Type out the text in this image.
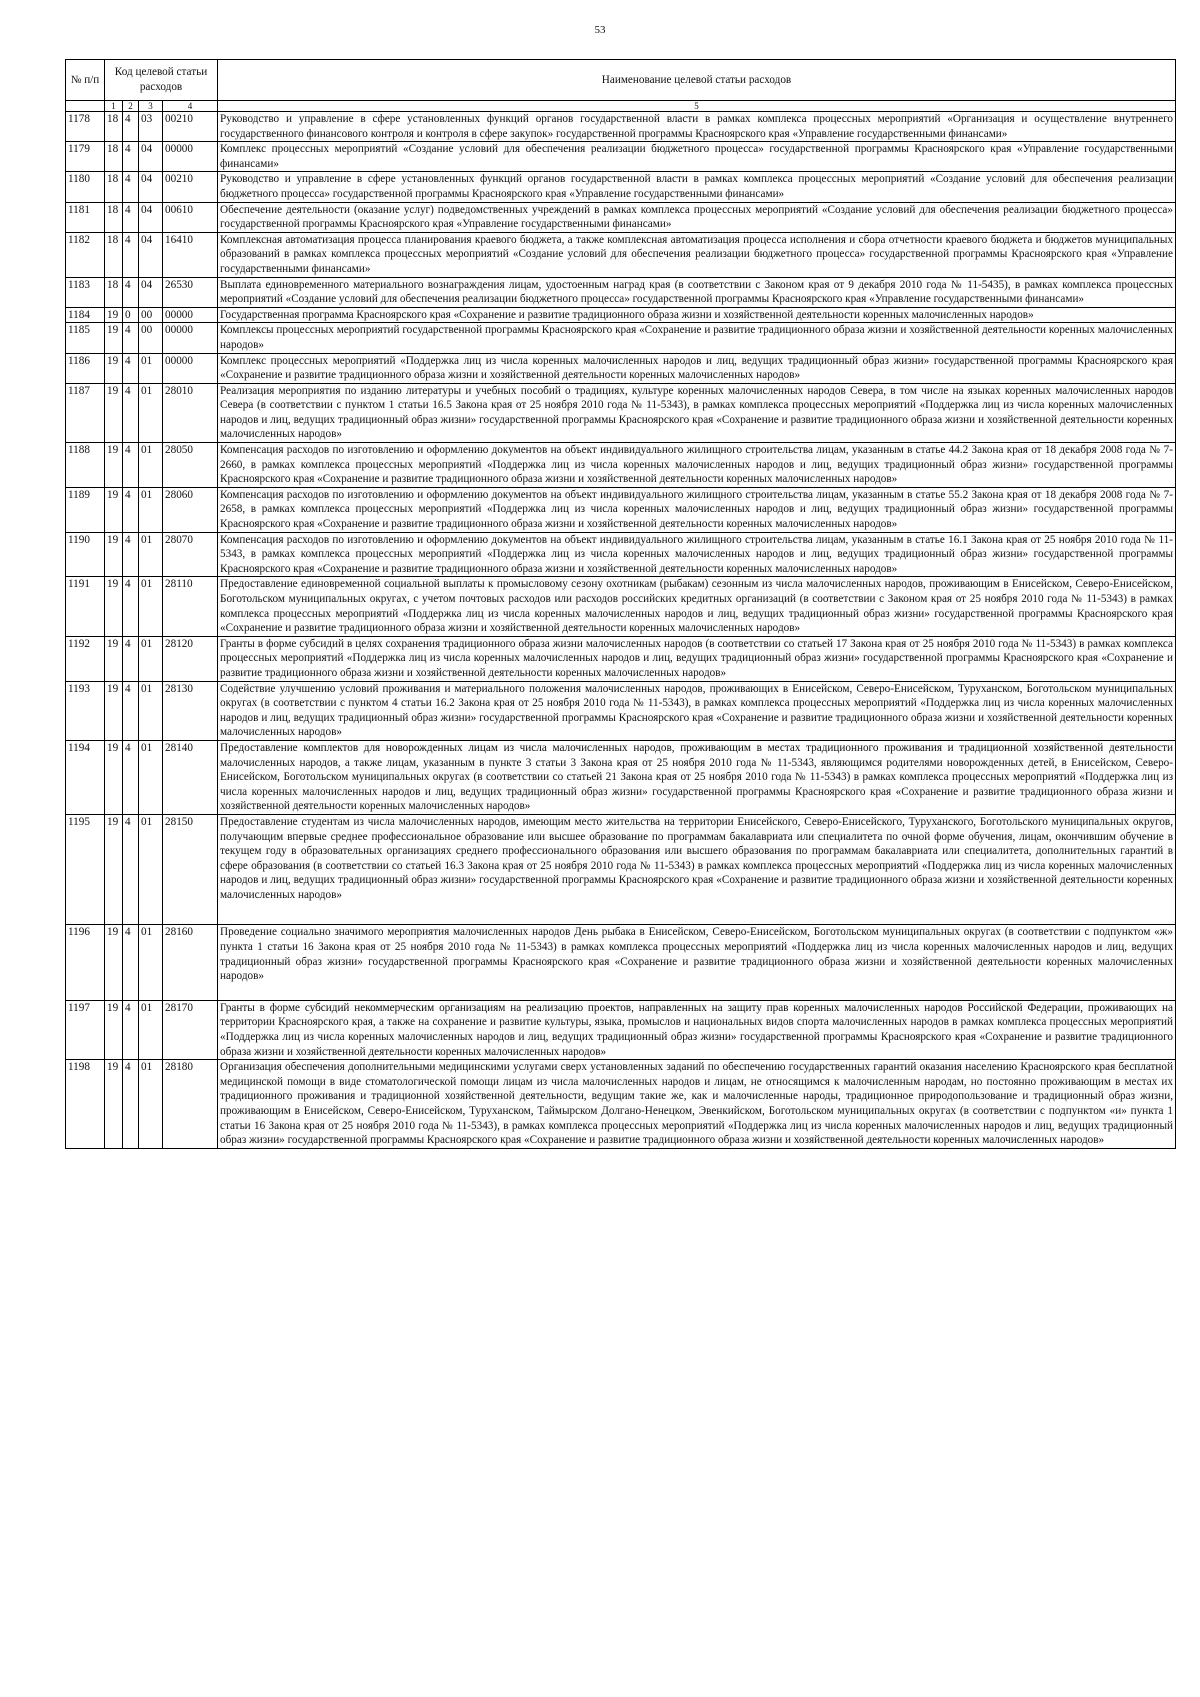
53
№ п/п	Код целевой статьи расходов				Наименование целевой статьи расходов

	1	2	3	4	5
1178	18	4	03	00210	Руководство и управление в сфере установленных функций органов государственной власти в рамках комплекса процессных мероприятий «Организация и осуществление внутреннего государственного финансового контроля и контроля в сфере закупок» государственной программы Красноярского края «Управление государственными финансами»
1179	18	4	04	00000	Комплекс процессных мероприятий «Создание условий для обеспечения реализации бюджетного процесса» государственной программы Красноярского края «Управление государственными финансами»
1180	18	4	04	00210	Руководство и управление в сфере установленных функций органов государственной власти в рамках комплекса процессных мероприятий «Создание условий для обеспечения реализации бюджетного процесса» государственной программы Красноярского края «Управление государственными финансами»
1181	18	4	04	00610	Обеспечение деятельности (оказание услуг) подведомственных учреждений в рамках комплекса процессных мероприятий «Создание условий для обеспечения реализации бюджетного процесса» государственной программы Красноярского края «Управление государственными финансами»
1182	18	4	04	16410	Комплексная автоматизация процесса планирования краевого бюджета, а также комплексная автоматизация процесса исполнения и сбора отчетности краевого бюджета и бюджетов муниципальных образований в рамках комплекса процессных мероприятий «Создание условий для обеспечения реализации бюджетного процесса» государственной программы Красноярского края «Управление государственными финансами»
1183	18	4	04	26530	Выплата единовременного материального вознаграждения лицам, удостоенным наград края (в соответствии с Законом края от 9 декабря 2010 года № 11-5435), в рамках комплекса процессных мероприятий «Создание условий для обеспечения реализации бюджетного процесса» государственной программы Красноярского края «Управление государственными финансами»
1184	19	0	00	00000	Государственная программа Красноярского края «Сохранение и развитие традиционного образа жизни и хозяйственной деятельности коренных малочисленных народов»
1185	19	4	00	00000	Комплексы процессных мероприятий государственной программы Красноярского края «Сохранение и развитие традиционного образа жизни и хозяйственной деятельности коренных малочисленных народов»
1186	19	4	01	00000	Комплекс процессных мероприятий «Поддержка лиц из числа коренных малочисленных народов и лиц, ведущих традиционный образ жизни» государственной программы Красноярского края «Сохранение и развитие традиционного образа жизни и хозяйственной деятельности коренных малочисленных народов»
1187	19	4	01	28010	Реализация мероприятия по изданию литературы и учебных пособий о традициях, культуре коренных малочисленных народов Севера, в том числе на языках коренных малочисленных народов Севера (в соответствии с пунктом 1 статьи 16.5 Закона края от 25 ноября 2010 года № 11-5343), в рамках комплекса процессных мероприятий «Поддержка лиц из числа коренных малочисленных народов и лиц, ведущих традиционный образ жизни» государственной программы Красноярского края «Сохранение и развитие традиционного образа жизни и хозяйственной деятельности коренных малочисленных народов»
1188	19	4	01	28050	Компенсация расходов по изготовлению и оформлению документов на объект индивидуального жилищного строительства лицам, указанным в статье 44.2 Закона края от 18 декабря 2008 года № 7-2660, в рамках комплекса процессных мероприятий «Поддержка лиц из числа коренных малочисленных народов и лиц, ведущих традиционный образ жизни» государственной программы Красноярского края «Сохранение и развитие традиционного образа жизни и хозяйственной деятельности коренных малочисленных народов»
1189	19	4	01	28060	Компенсация расходов по изготовлению и оформлению документов на объект индивидуального жилищного строительства лицам, указанным в статье 55.2 Закона края от 18 декабря 2008 года № 7-2658, в рамках комплекса процессных мероприятий «Поддержка лиц из числа коренных малочисленных народов и лиц, ведущих традиционный образ жизни» государственной программы Красноярского края «Сохранение и развитие традиционного образа жизни и хозяйственной деятельности коренных малочисленных народов»
1190	19	4	01	28070	Компенсация расходов по изготовлению и оформлению документов на объект индивидуального жилищного строительства лицам, указанным в статье 16.1 Закона края от 25 ноября 2010 года № 11-5343, в рамках комплекса процессных мероприятий «Поддержка лиц из числа коренных малочисленных народов и лиц, ведущих традиционный образ жизни» государственной программы Красноярского края «Сохранение и развитие традиционного образа жизни и хозяйственной деятельности коренных малочисленных народов»
1191	19	4	01	28110	Предоставление единовременной социальной выплаты к промысловому сезону охотникам (рыбакам) сезонным из числа малочисленных народов, проживающим в Енисейском, Северо-Енисейском, Боготольском муниципальных округах, с учетом почтовых расходов или расходов российских кредитных организаций (в соответствии с Законом края от 25 ноября 2010 года № 11-5343) в рамках комплекса процессных мероприятий «Поддержка лиц из числа коренных малочисленных народов и лиц, ведущих традиционный образ жизни» государственной программы Красноярского края «Сохранение и развитие традиционного образа жизни и хозяйственной деятельности коренных малочисленных народов»
1192	19	4	01	28120	Гранты в форме субсидий в целях сохранения традиционного образа жизни малочисленных народов (в соответствии со статьей 17 Закона края от 25 ноября 2010 года № 11-5343) в рамках комплекса процессных мероприятий «Поддержка лиц из числа коренных малочисленных народов и лиц, ведущих традиционный образ жизни» государственной программы Красноярского края «Сохранение и развитие традиционного образа жизни и хозяйственной деятельности коренных малочисленных народов»
1193	19	4	01	28130	Содействие улучшению условий проживания и материального положения малочисленных народов, проживающих в Енисейском, Северо-Енисейском, Туруханском, Боготольском муниципальных округах (в соответствии с пунктом 4 статьи 16.2 Закона края от 25 ноября 2010 года № 11-5343), в рамках комплекса процессных мероприятий «Поддержка лиц из числа коренных малочисленных народов и лиц, ведущих традиционный образ жизни» государственной программы Красноярского края «Сохранение и развитие традиционного образа жизни и хозяйственной деятельности коренных малочисленных народов»
1194	19	4	01	28140	Предоставление комплектов для новорожденных лицам из числа малочисленных народов, проживающим в местах традиционного проживания и традиционной хозяйственной деятельности малочисленных народов, а также лицам, указанным в пункте 3 статьи 3 Закона края от 25 ноября 2010 года № 11-5343, являющимся родителями новорожденных детей, в Енисейском, Северо-Енисейском, Боготольском муниципальных округах (в соответствии со статьей 21 Закона края от 25 ноября 2010 года № 11-5343) в рамках комплекса процессных мероприятий «Поддержка лиц из числа коренных малочисленных народов и лиц, ведущих традиционный образ жизни» государственной программы Красноярского края «Сохранение и развитие традиционного образа жизни и хозяйственной деятельности коренных малочисленных народов»
1195	19	4	01	28150	Предоставление студентам из числа малочисленных народов, имеющим место жительства на территории Енисейского, Северо-Енисейского, Туруханского, Боготольского муниципальных округов, получающим впервые среднее профессиональное образование или высшее образование по программам бакалавриата или специалитета по очной форме обучения, лицам, окончившим обучение в текущем году в образовательных организациях среднего профессионального образования или высшего образования по программам бакалавриата или специалитета, дополнительных гарантий в сфере образования (в соответствии со статьей 16.3 Закона края от 25 ноября 2010 года № 11-5343) в рамках комплекса процессных мероприятий «Поддержка лиц из числа коренных малочисленных народов и лиц, ведущих традиционный образ жизни» государственной программы Красноярского края «Сохранение и развитие традиционного образа жизни и хозяйственной деятельности коренных малочисленных народов»
1196	19	4	01	28160	Проведение социально значимого мероприятия малочисленных народов День рыбака в Енисейском, Северо-Енисейском, Боготольском муниципальных округах (в соответствии с подпунктом «ж» пункта 1 статьи 16 Закона края от 25 ноября 2010 года № 11-5343) в рамках комплекса процессных мероприятий «Поддержка лиц из числа коренных малочисленных народов и лиц, ведущих традиционный образ жизни» государственной программы Красноярского края «Сохранение и развитие традиционного образа жизни и хозяйственной деятельности коренных малочисленных народов»
1197	19	4	01	28170	Гранты в форме субсидий некоммерческим организациям на реализацию проектов, направленных на защиту прав коренных малочисленных народов Российской Федерации, проживающих на территории Красноярского края, а также на сохранение и развитие культуры, языка, промыслов и национальных видов спорта малочисленных народов в рамках комплекса процессных мероприятий «Поддержка лиц из числа коренных малочисленных народов и лиц, ведущих традиционный образ жизни» государственной программы Красноярского края «Сохранение и развитие традиционного образа жизни и хозяйственной деятельности коренных малочисленных народов»
1198	19	4	01	28180	Организация обеспечения дополнительными медицинскими услугами сверх установленных заданий по обеспечению государственных гарантий оказания населению Красноярского края бесплатной медицинской помощи в виде стоматологической помощи лицам из числа малочисленных народов и лицам, не относящимся к малочисленным народам, но постоянно проживающим в местах их традиционного проживания и традиционной хозяйственной деятельности, ведущим такие же, как и малочисленные народы, традиционное природопользование и традиционный образ жизни, проживающим в Енисейском, Северо-Енисейском, Туруханском, Таймырском Долгано-Ненецком, Эвенкийском, Боготольском муниципальных округах (в соответствии с подпунктом «и» пункта 1 статьи 16 Закона края от 25 ноября 2010 года № 11-5343), в рамках комплекса процессных мероприятий «Поддержка лиц из числа коренных малочисленных народов и лиц, ведущих традиционный образ жизни» государственной программы Красноярского края «Сохранение и развитие традиционного образа жизни и хозяйственной деятельности коренных малочисленных народов»
